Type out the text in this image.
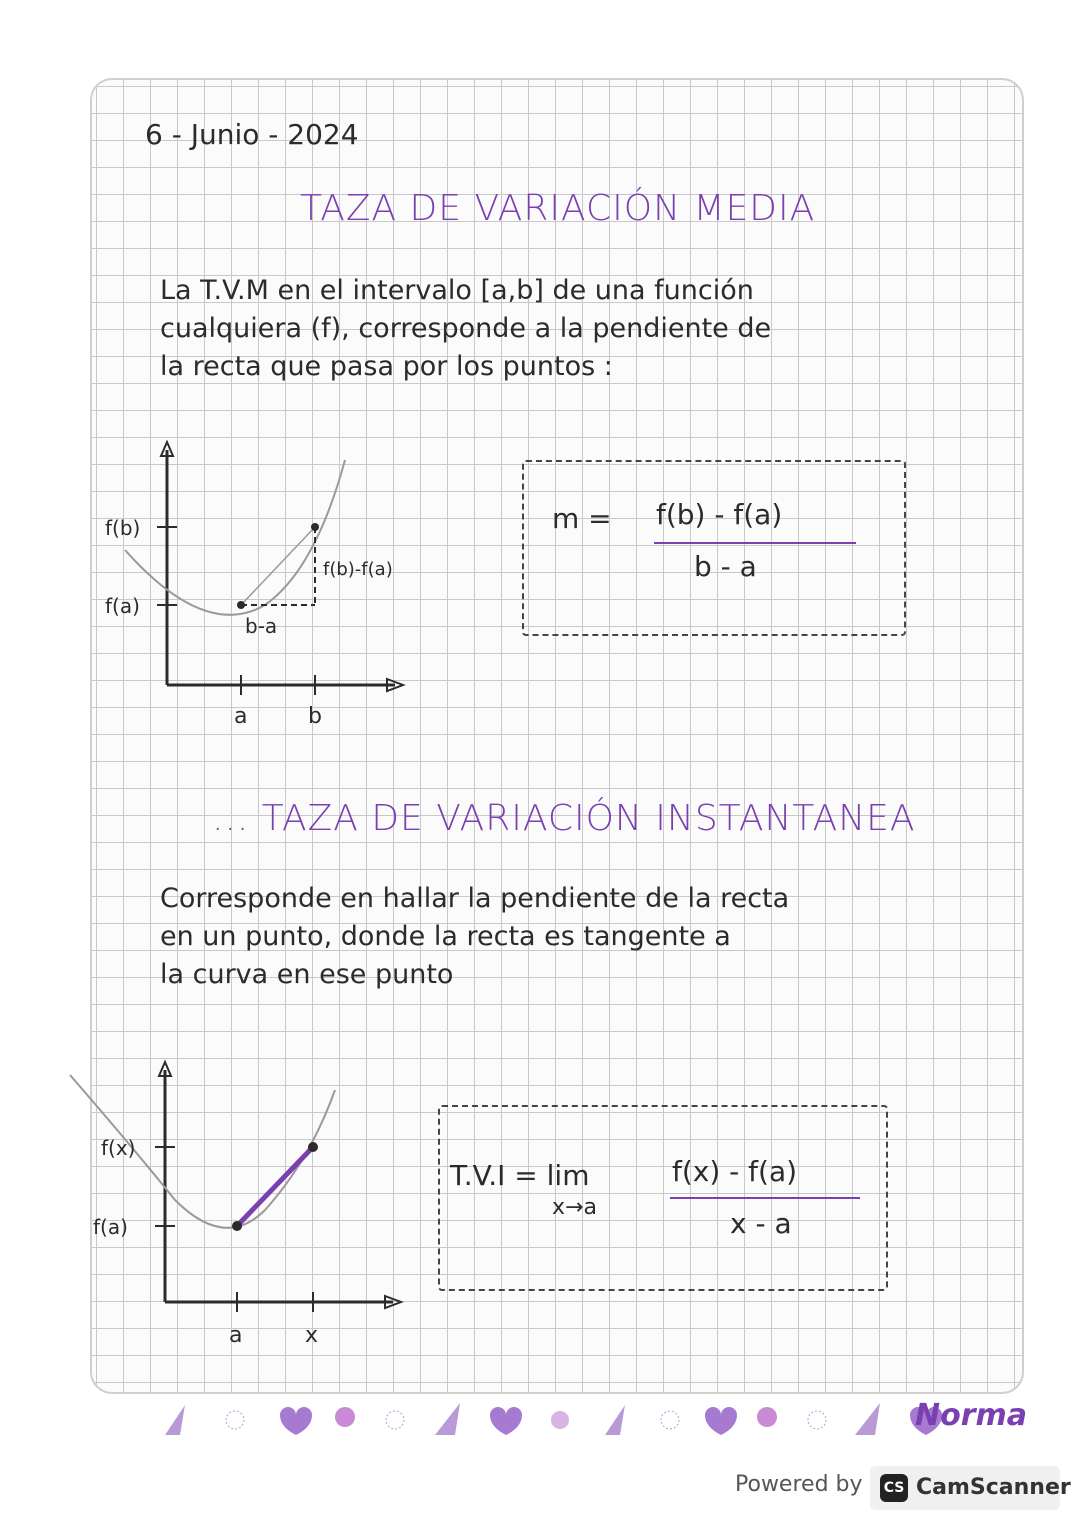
6 - Junio - 2024
TAZA DE VARIACIÓN MEDIA
La T.V.M en el intervalo [a,b] de una función
cualquiera (f), corresponde a la pendiente de
la recta que pasa por los puntos :
f(b)
f(a)
a	b
f(b)-f(a)
b-a
m = f(b) - f(a)
b - a
... TAZA DE VARIACIÓN INSTANTANEA
Corresponde en hallar la pendiente de la recta
en un punto, donde la recta es tangente a
la curva en ese punto
f(x)
f(a)
a	x
T.V.I = lim
x→a
f(x) - f(a)
x - a
Norma
Powered by CS CamScanner
